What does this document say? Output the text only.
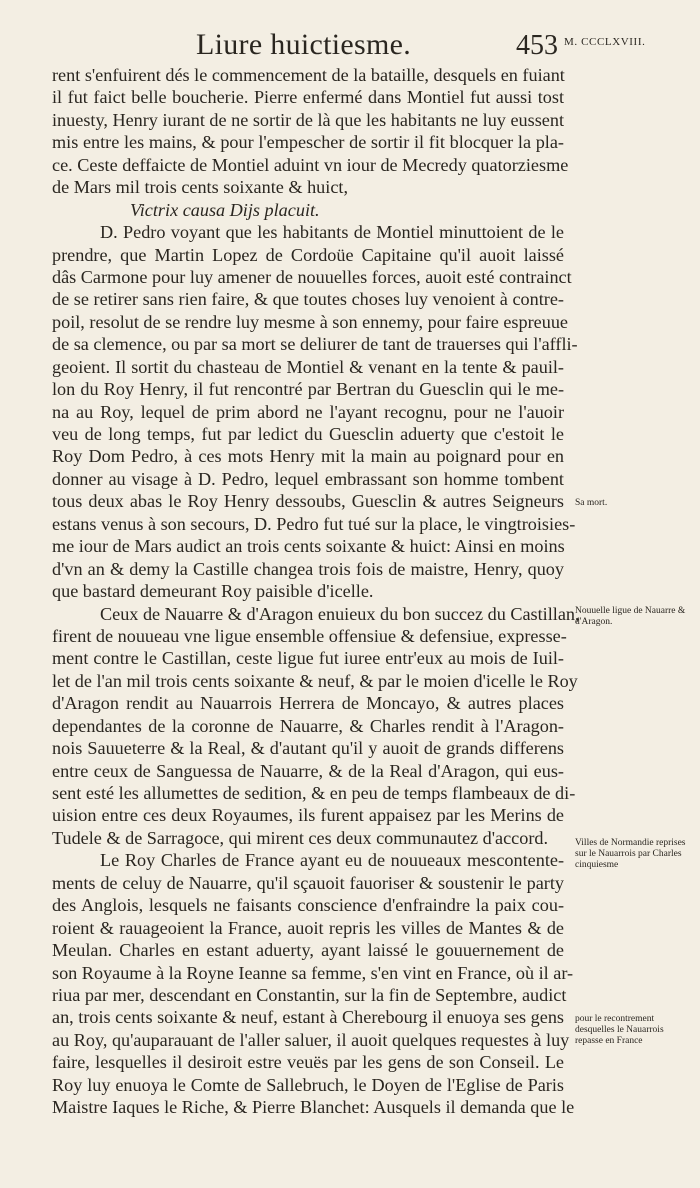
Liure huictiesme.	453 M. CCCLXVIII.
rent s'enfuirent dés le commencement de la bataille, desquels en fuiant
il fut faict belle boucherie. Pierre enfermé dans Montiel fut aussi tost
inuesty, Henry iurant de ne sortir de là que les habitants ne luy eussent
mis entre les mains, & pour l'empescher de sortir il fit blocquer la pla-
ce. Ceste deffaicte de Montiel aduint vn iour de Mecredy quatorziesme
de Mars mil trois cents soixante & huict,
Victrix causa Dijs placuit.
D. Pedro voyant que les habitants de Montiel minuttoient de le
prendre, que Martin Lopez de Cordoüe Capitaine qu'il auoit laissé
dâs Carmone pour luy amener de nouuelles forces, auoit esté contrainct
de se retirer sans rien faire, & que toutes choses luy venoient à contre-
poil, resolut de se rendre luy mesme à son ennemy, pour faire espreuue
de sa clemence, ou par sa mort se deliurer de tant de trauerses qui l'affli-
geoient. Il sortit du chasteau de Montiel & venant en la tente & pauil-
lon du Roy Henry, il fut rencontré par Bertran du Guesclin qui le me-
na au Roy, lequel de prim abord ne l'ayant recognu, pour ne l'auoir
veu de long temps, fut par ledict du Guesclin aduerty que c'estoit le
Roy Dom Pedro, à ces mots Henry mit la main au poignard pour en
donner au visage à D. Pedro, lequel embrassant son homme tombent
tous deux abas le Roy Henry dessoubs, Guesclin & autres Seigneurs
estans venus à son secours, D. Pedro fut tué sur la place, le vingtroisies-
me iour de Mars audict an trois cents soixante & huict: Ainsi en moins
d'vn an & demy la Castille changea trois fois de maistre, Henry, quoy
que bastard demeurant Roy paisible d'icelle.
Ceux de Nauarre & d'Aragon enuieux du bon succez du Castillan,
firent de nouueau vne ligue ensemble offensiue & defensiue, expresse-
ment contre le Castillan, ceste ligue fut iuree entr'eux au mois de Iuil-
let de l'an mil trois cents soixante & neuf, & par le moien d'icelle le Roy
d'Aragon rendit au Nauarrois Herrera de Moncayo, & autres places
dependantes de la coronne de Nauarre, & Charles rendit à l'Aragon-
nois Sauueterre & la Real, & d'autant qu'il y auoit de grands differens
entre ceux de Sanguessa de Nauarre, & de la Real d'Aragon, qui eus-
sent esté les allumettes de sedition, & en peu de temps flambeaux de di-
uision entre ces deux Royaumes, ils furent appaisez par les Merins de
Tudele & de Sarragoce, qui mirent ces deux communautez d'accord.
Le Roy Charles de France ayant eu de nouueaux mescontente-
ments de celuy de Nauarre, qu'il sçauoit fauoriser & soustenir le party
des Anglois, lesquels ne faisants conscience d'enfraindre la paix cou-
roient & rauageoient la France, auoit repris les villes de Mantes & de
Meulan. Charles en estant aduerty, ayant laissé le gouuernement de
son Royaume à la Royne Ieanne sa femme, s'en vint en France, où il ar-
riua par mer, descendant en Constantin, sur la fin de Septembre, audict
an, trois cents soixante & neuf, estant à Cherebourg il enuoya ses gens
au Roy, qu'auparauant de l'aller saluer, il auoit quelques requestes à luy
faire, lesquelles il desiroit estre veuës par les gens de son Conseil. Le
Roy luy enuoya le Comte de Sallebruch, le Doyen de l'Eglise de Paris
Maistre Iaques le Riche, & Pierre Blanchet: Ausquels il demanda que le
Sa mort.
Nouuelle ligue de Nauarre & d'Aragon.
Villes de Normandie reprises sur le Nauarrois par Charles cinquiesme
pour le recontrement desquelles le Nauarrois repasse en France
